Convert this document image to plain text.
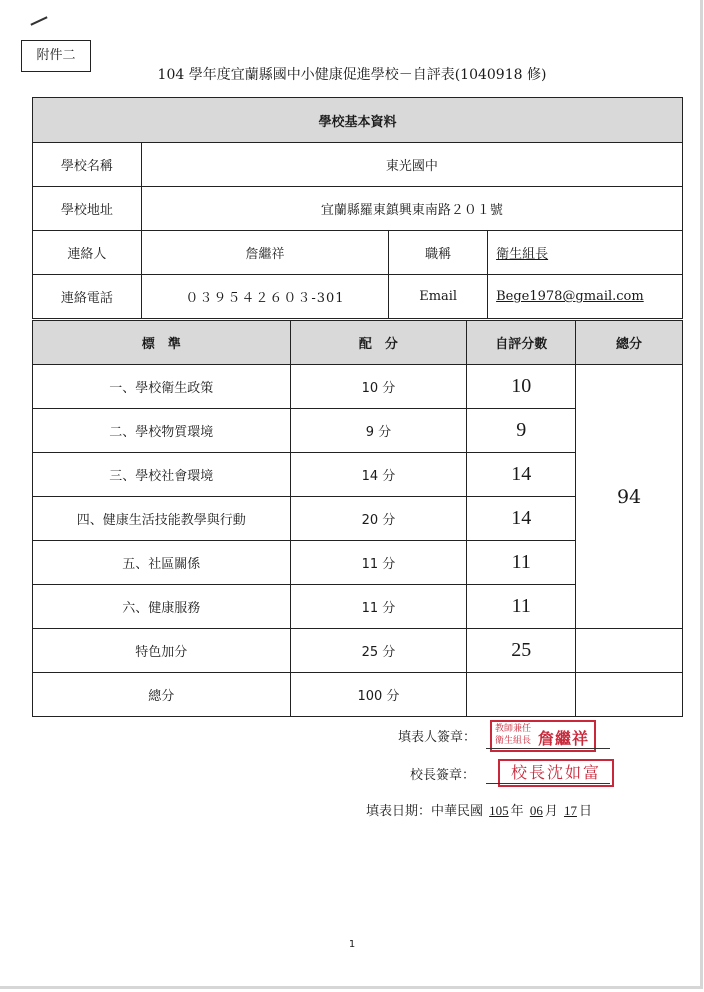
附件二
104 學年度宜蘭縣國中小健康促進學校－自評表(1040918 修)
學校基本資料			
學校名稱	東光國中		
學校地址	宜蘭縣羅東鎮興東南路２０１號		
連絡人	詹繼祥	職稱	衛生組長
連絡電話	０３９５４２６０３-301	Email	Bege1978@gmail.com
標　準	配　分	自評分數	總分
一、學校衛生政策	10 分	10	94
二、學校物質環境	9 分	9	
三、學校社會環境	14 分	14	
四、健康生活技能教學與行動	20 分	14	
五、社區關係	11 分	11	
六、健康服務	11 分	11	
特色加分	25 分	25	
總分	100 分		
填表人簽章：
教師兼任衛生組長 詹繼祥
校長簽章：	校長沈如富
填表日期：中華民國 105 年 06 月 17 日
1
